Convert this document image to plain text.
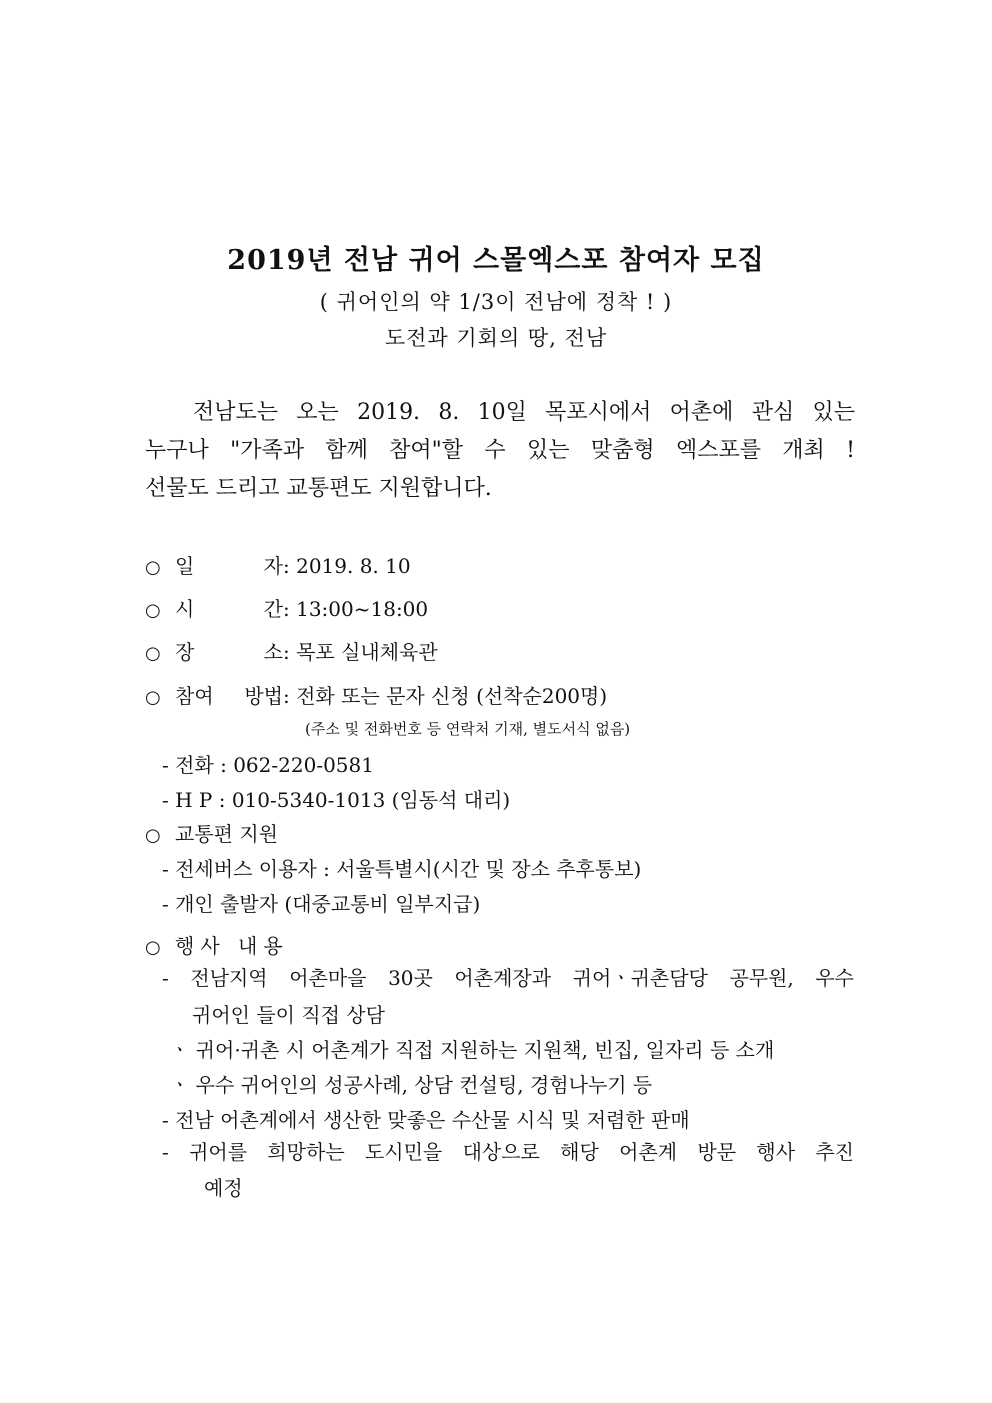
2019년 전남 귀어 스몰엑스포 참여자 모집
( 귀어인의 약 1/3이 전남에 정착 ! )
도전과 기회의 땅, 전남
전남도는 오는 2019. 8. 10일 목포시에서 어촌에 관심 있는
누구나 "가족과 함께 참여"할 수 있는 맞춤형 엑스포를 개최 !
선물도 드리고 교통편도 지원합니다.
○ 일 자: 2019. 8. 10
○ 시 간: 13:00~18:00
○ 장 소: 목포 실내체육관
○ 참여 방법: 전화 또는 문자 신청 (선착순200명)
(주소 및 전화번호 등 연락처 기재, 별도서식 없음)
- 전화 : 062-220-0581
- H P : 010-5340-1013 (임동석 대리)
○ 교통편 지원
- 전세버스 이용자 : 서울특별시(시간 및 장소 추후통보)
- 개인 출발자 (대중교통비 일부지급)
○ 행사 내용
- 전남지역 어촌마을 30곳 어촌계장과 귀어ㆍ귀촌담당 공무원, 우수
귀어인 들이 직접 상담
ㆍ 귀어·귀촌 시 어촌계가 직접 지원하는 지원책, 빈집, 일자리 등 소개
ㆍ 우수 귀어인의 성공사례, 상담 컨설팅, 경험나누기 등
- 전남 어촌계에서 생산한 맞좋은 수산물 시식 및 저렴한 판매
- 귀어를 희망하는 도시민을 대상으로 해당 어촌계 방문 행사 추진
예정
